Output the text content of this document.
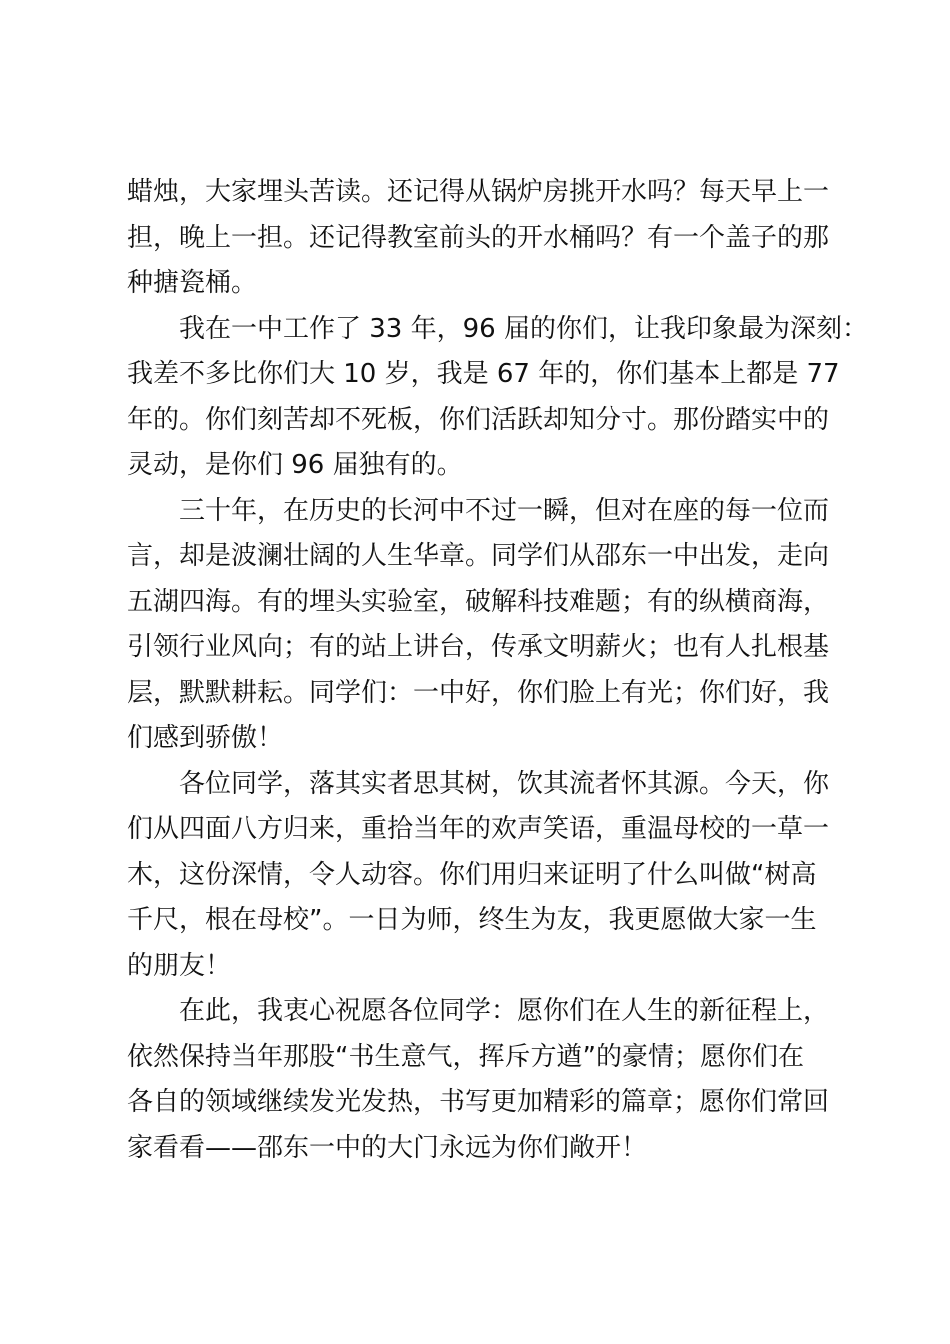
蜡烛，大家埋头苦读。还记得从锅炉房挑开水吗？每天早上一
担，晚上一担。还记得教室前头的开水桶吗？有一个盖子的那
种搪瓷桶。
我在一中工作了 33 年，96 届的你们，让我印象最为深刻：
我差不多比你们大 10 岁，我是 67 年的，你们基本上都是 77
年的。你们刻苦却不死板，你们活跃却知分寸。那份踏实中的
灵动，是你们 96 届独有的。
三十年，在历史的长河中不过一瞬，但对在座的每一位而
言，却是波澜壮阔的人生华章。同学们从邵东一中出发，走向
五湖四海。有的埋头实验室，破解科技难题；有的纵横商海，
引领行业风向；有的站上讲台，传承文明薪火；也有人扎根基
层，默默耕耘。同学们：一中好，你们脸上有光；你们好，我
们感到骄傲！
各位同学，落其实者思其树，饮其流者怀其源。今天，你
们从四面八方归来，重拾当年的欢声笑语，重温母校的一草一
木，这份深情，令人动容。你们用归来证明了什么叫做“树高
千尺，根在母校”。一日为师，终生为友，我更愿做大家一生
的朋友！
在此，我衷心祝愿各位同学：愿你们在人生的新征程上，
依然保持当年那股“书生意气，挥斥方遒”的豪情；愿你们在
各自的领域继续发光发热，书写更加精彩的篇章；愿你们常回
家看看——邵东一中的大门永远为你们敞开！
